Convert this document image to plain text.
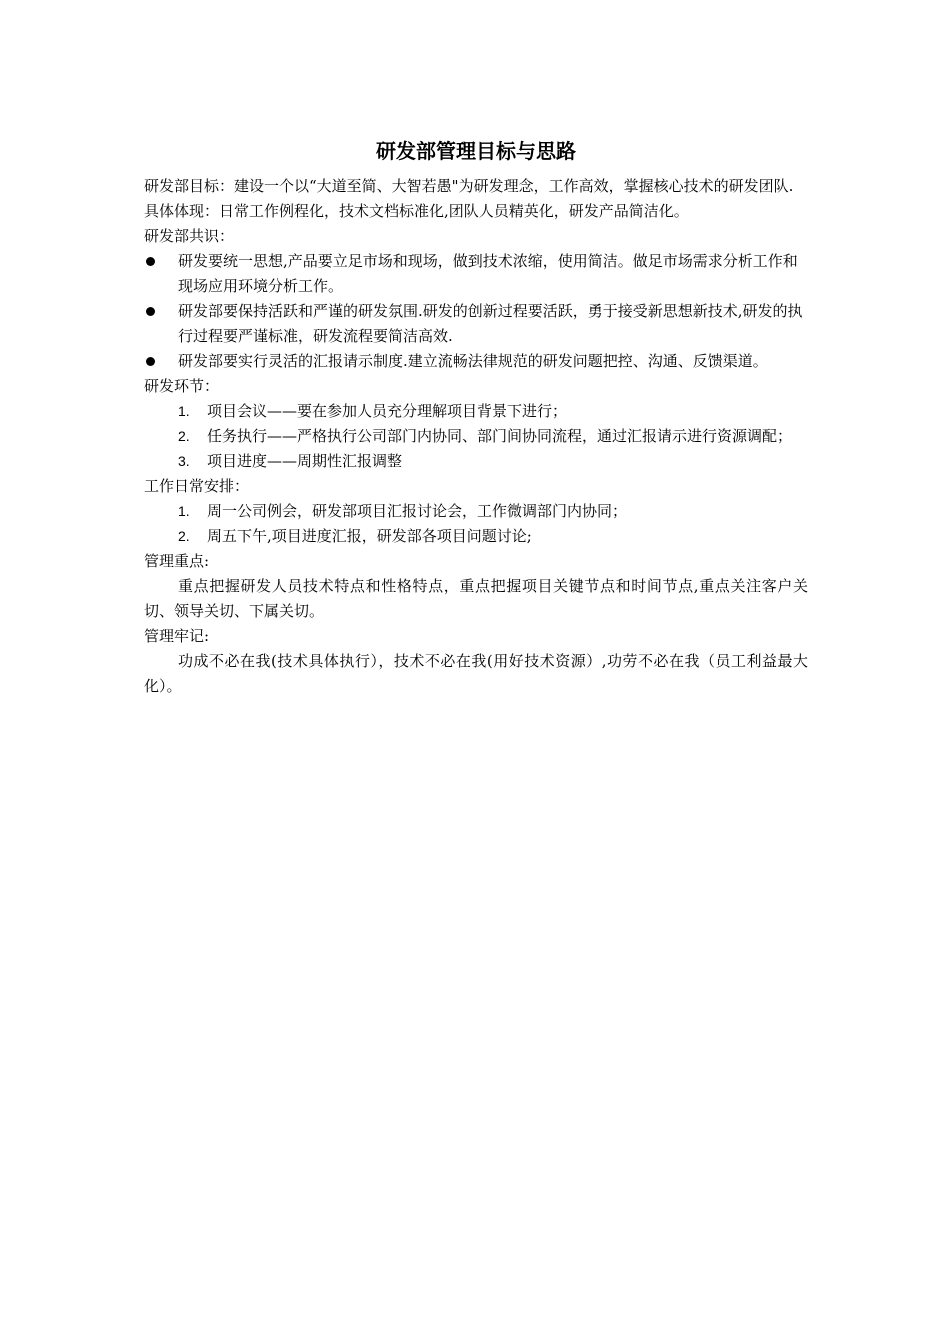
研发部管理目标与思路

研发部目标：建设一个以“大道至简、大智若愚"为研发理念，工作高效，掌握核心技术的研发团队.

具体体现：日常工作例程化，技术文档标准化,团队人员精英化，研发产品简洁化。

研发部共识：

研发要统一思想,产品要立足市场和现场，做到技术浓缩，使用简洁。做足市场需求分析工作和现场应用环境分析工作。
研发部要保持活跃和严谨的研发氛围.研发的创新过程要活跃，勇于接受新思想新技术,研发的执行过程要严谨标准，研发流程要简洁高效.
研发部要实行灵活的汇报请示制度.建立流畅法律规范的研发问题把控、沟通、反馈渠道。

研发环节：

1. 项目会议——要在参加人员充分理解项目背景下进行；
2. 任务执行——严格执行公司部门内协同、部门间协同流程，通过汇报请示进行资源调配；
3. 项目进度——周期性汇报调整

工作日常安排：

1. 周一公司例会，研发部项目汇报讨论会，工作微调部门内协同；
2. 周五下午,项目进度汇报，研发部各项目问题讨论;

管理重点:

重点把握研发人员技术特点和性格特点，重点把握项目关键节点和时间节点,重点关注客户关切、领导关切、下属关切。

管理牢记:

功成不必在我(技术具体执行），技术不必在我(用好技术资源）,功劳不必在我（员工利益最大化）。
